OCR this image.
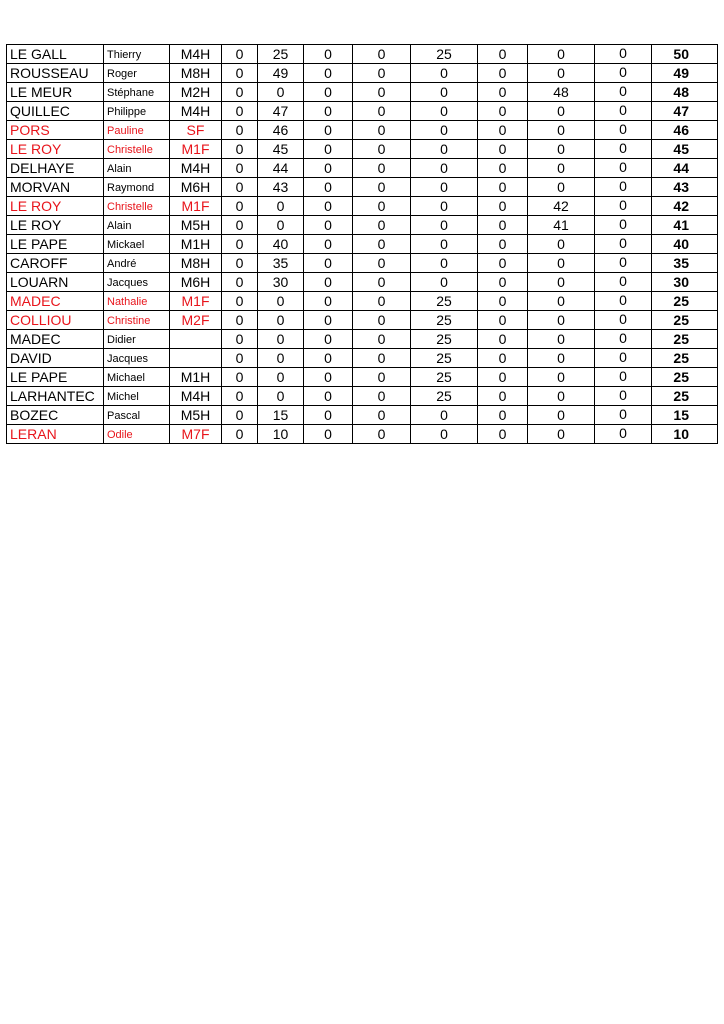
LE GALL	Thierry	M4H	0	25	0	0	25	0	0	0	50
ROUSSEAU	Roger	M8H	0	49	0	0	0	0	0	0	49
LE MEUR	Stéphane	M2H	0	0	0	0	0	0	48	0	48
QUILLEC	Philippe	M4H	0	47	0	0	0	0	0	0	47
PORS	Pauline	SF	0	46	0	0	0	0	0	0	46
LE ROY	Christelle	M1F	0	45	0	0	0	0	0	0	45
DELHAYE	Alain	M4H	0	44	0	0	0	0	0	0	44
MORVAN	Raymond	M6H	0	43	0	0	0	0	0	0	43
LE ROY	Christelle	M1F	0	0	0	0	0	0	42	0	42
LE ROY	Alain	M5H	0	0	0	0	0	0	41	0	41
LE PAPE	Mickael	M1H	0	40	0	0	0	0	0	0	40
CAROFF	André	M8H	0	35	0	0	0	0	0	0	35
LOUARN	Jacques	M6H	0	30	0	0	0	0	0	0	30
MADEC	Nathalie	M1F	0	0	0	0	25	0	0	0	25
COLLIOU	Christine	M2F	0	0	0	0	25	0	0	0	25
MADEC	Didier		0	0	0	0	25	0	0	0	25
DAVID	Jacques		0	0	0	0	25	0	0	0	25
LE PAPE	Michael	M1H	0	0	0	0	25	0	0	0	25
LARHANTEC	Michel	M4H	0	0	0	0	25	0	0	0	25
BOZEC	Pascal	M5H	0	15	0	0	0	0	0	0	15
LERAN	Odile	M7F	0	10	0	0	0	0	0	0	10
